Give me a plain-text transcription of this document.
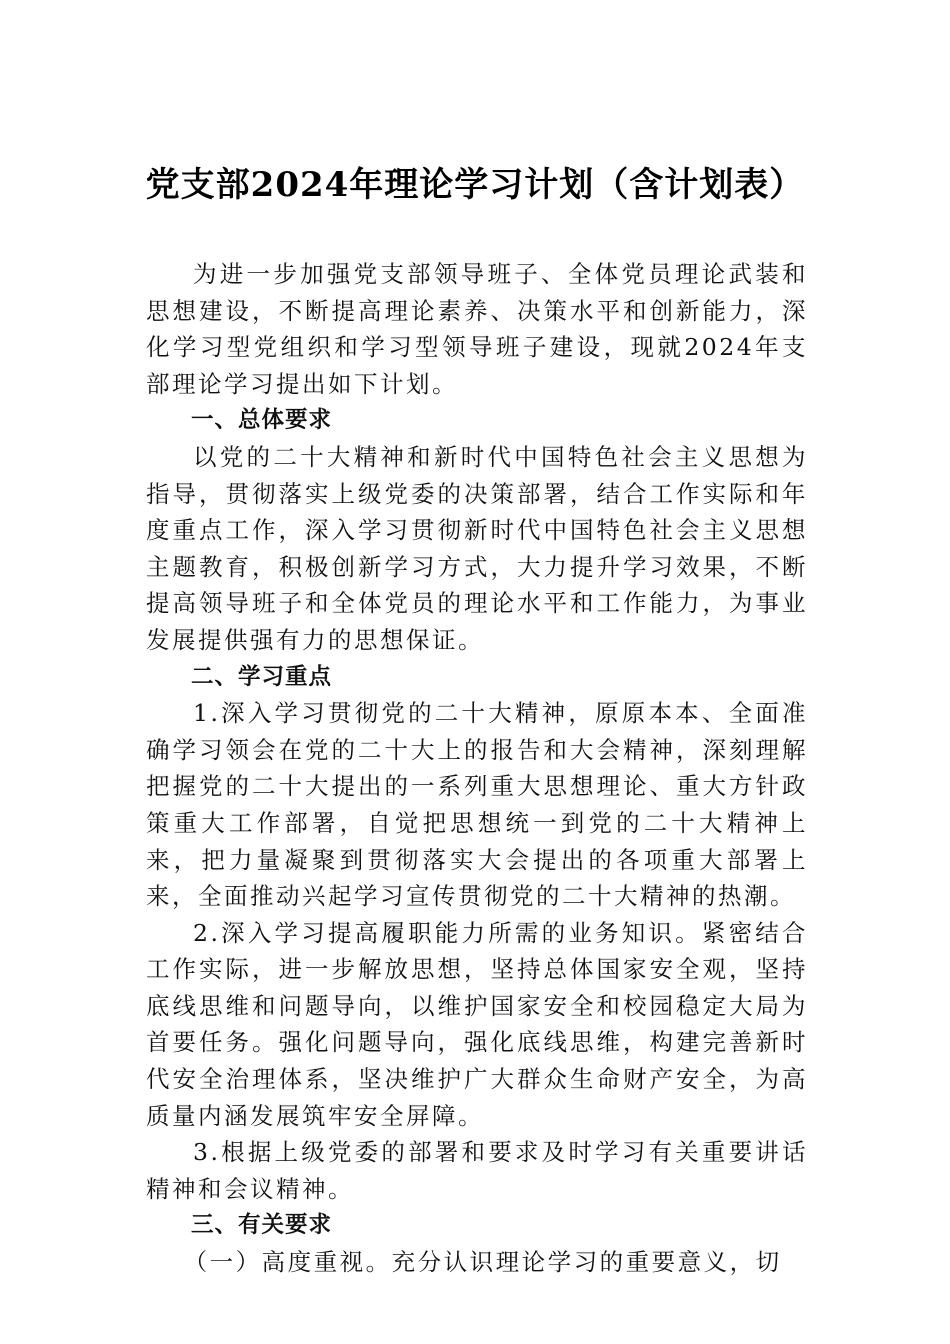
党支部2024年理论学习计划（含计划表）

为进一步加强党支部领导班子、全体党员理论武装和思想建设，不断提高理论素养、决策水平和创新能力，深化学习型党组织和学习型领导班子建设，现就2024年支部理论学习提出如下计划。

一、总体要求

以党的二十大精神和新时代中国特色社会主义思想为指导，贯彻落实上级党委的决策部署，结合工作实际和年度重点工作，深入学习贯彻新时代中国特色社会主义思想主题教育，积极创新学习方式，大力提升学习效果，不断提高领导班子和全体党员的理论水平和工作能力，为事业发展提供强有力的思想保证。

二、学习重点

1.深入学习贯彻党的二十大精神，原原本本、全面准确学习领会在党的二十大上的报告和大会精神，深刻理解把握党的二十大提出的一系列重大思想理论、重大方针政策重大工作部署，自觉把思想统一到党的二十大精神上来，把力量凝聚到贯彻落实大会提出的各项重大部署上来，全面推动兴起学习宣传贯彻党的二十大精神的热潮。

2.深入学习提高履职能力所需的业务知识。紧密结合工作实际，进一步解放思想，坚持总体国家安全观，坚持底线思维和问题导向，以维护国家安全和校园稳定大局为首要任务。强化问题导向，强化底线思维，构建完善新时代安全治理体系，坚决维护广大群众生命财产安全，为高质量内涵发展筑牢安全屏障。

3.根据上级党委的部署和要求及时学习有关重要讲话精神和会议精神。

三、有关要求

（一）高度重视。充分认识理论学习的重要意义，切
